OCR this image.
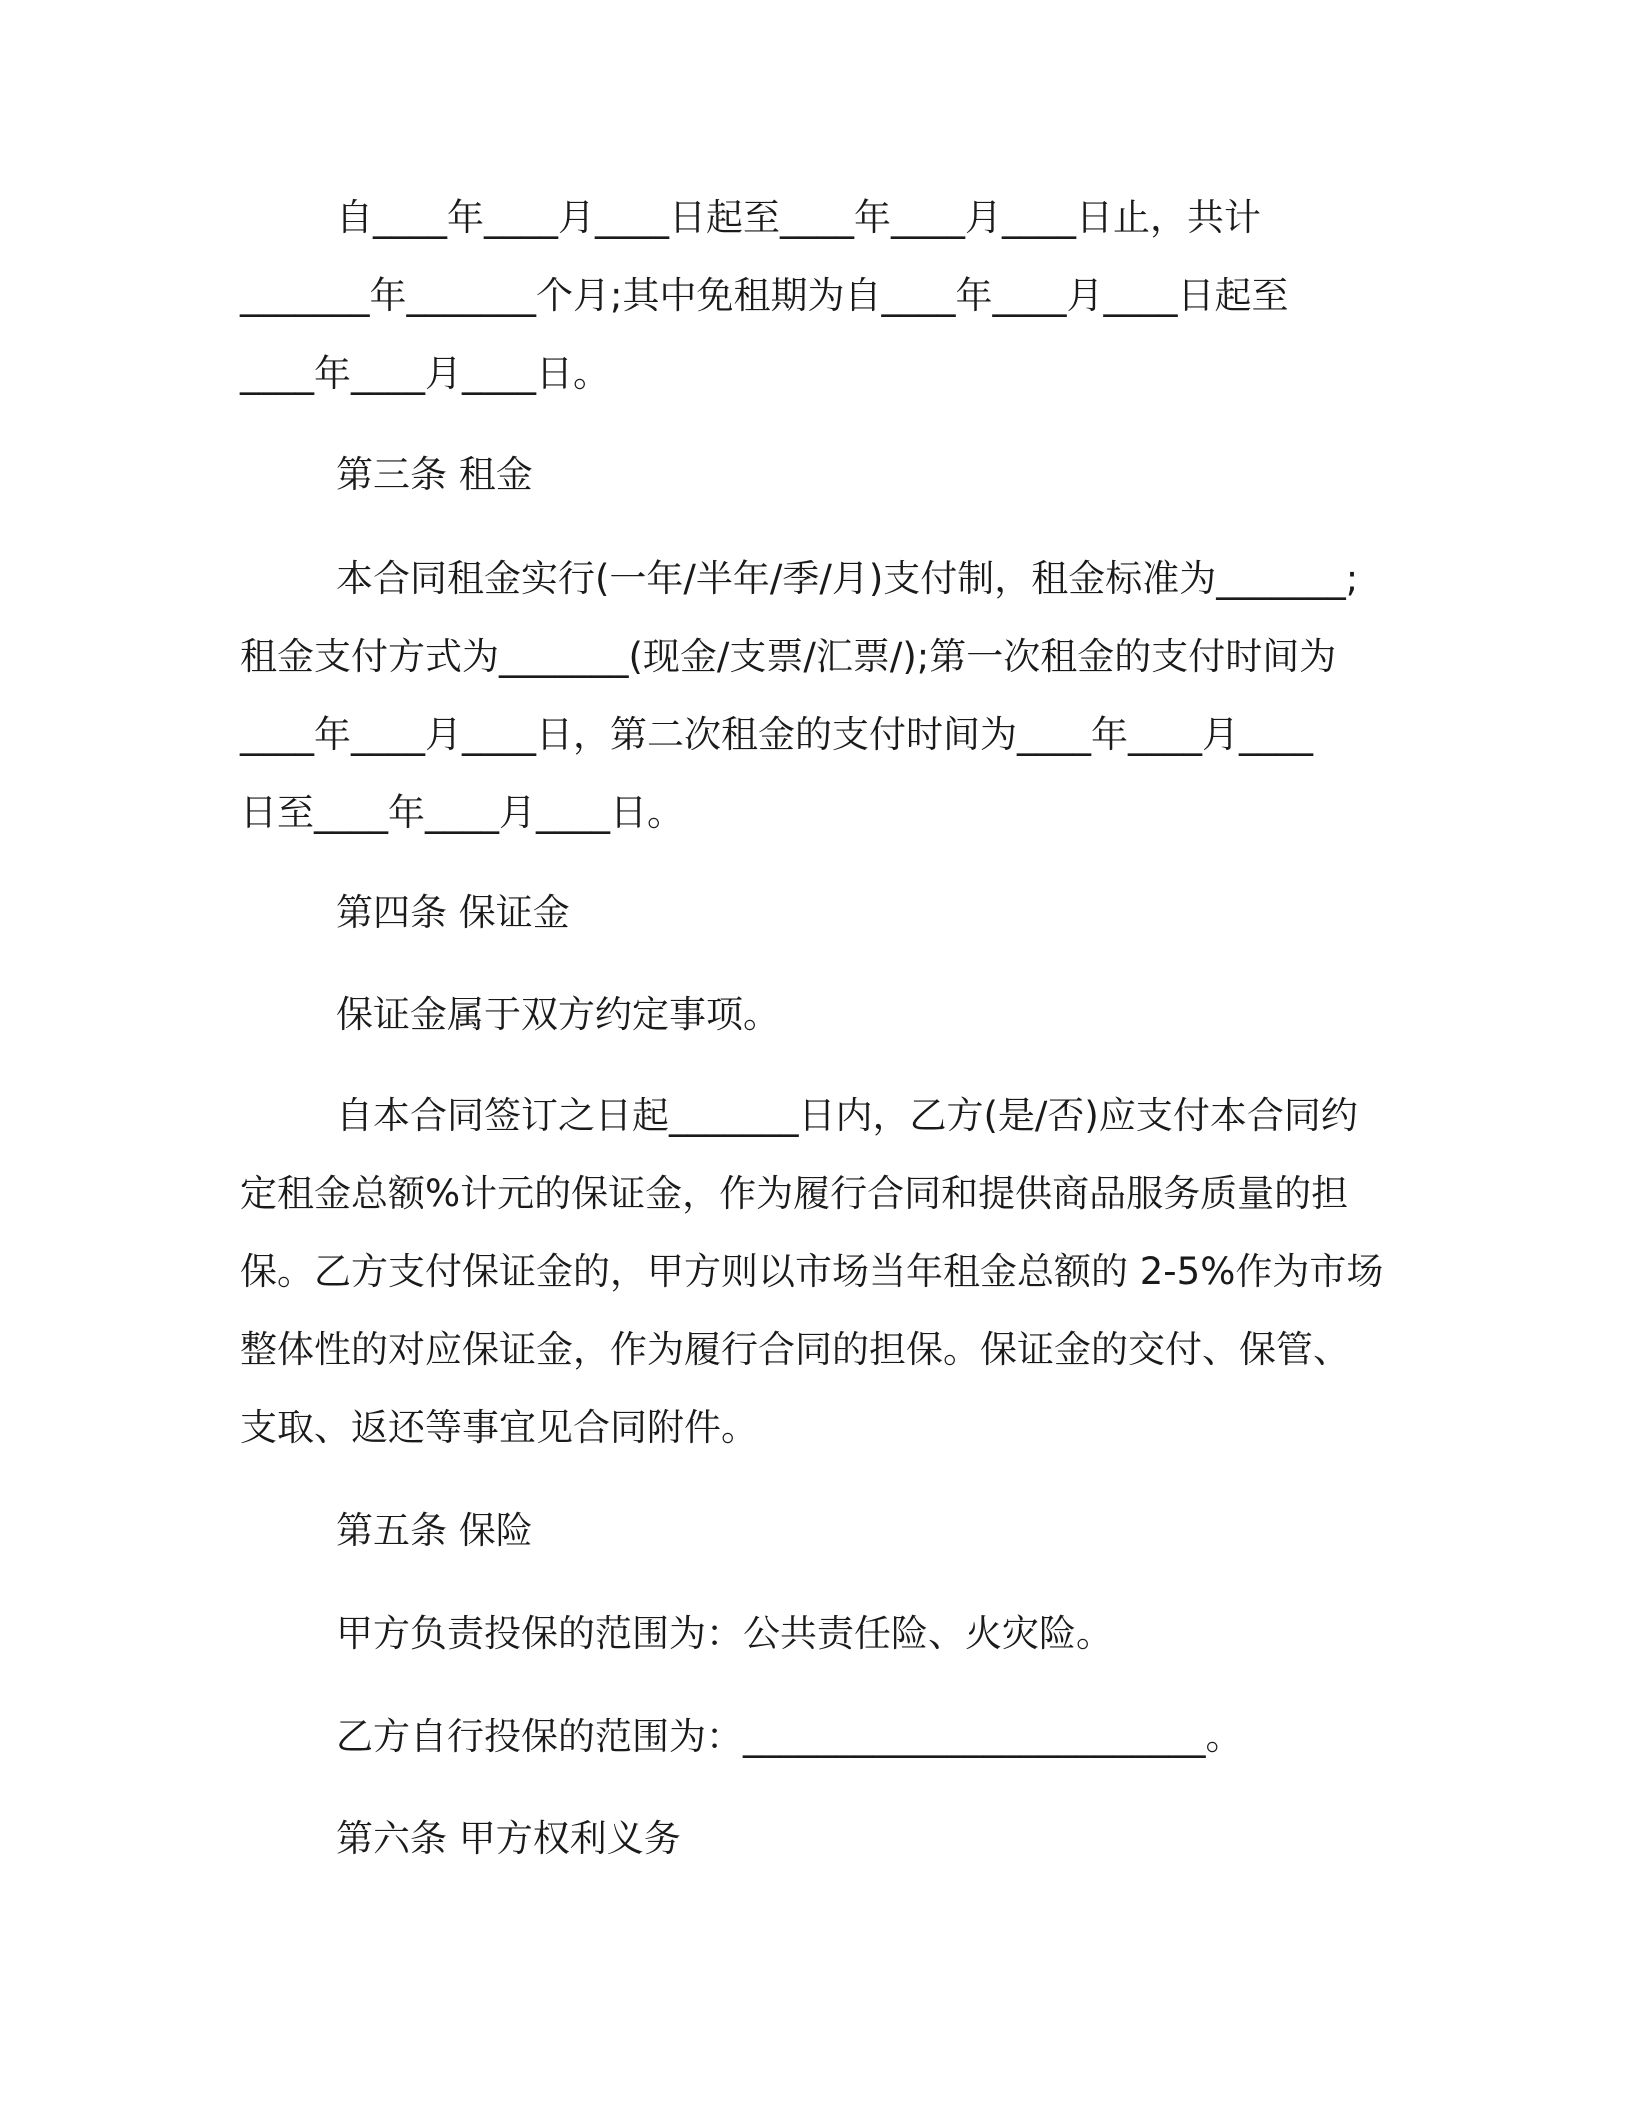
自____年____月____日起至____年____月____日止，共计
_______年_______个月;其中免租期为自____年____月____日起至
____年____月____日。
第三条 租金
本合同租金实行(一年/半年/季/月)支付制，租金标准为_______;
租金支付方式为_______(现金/支票/汇票/);第一次租金的支付时间为
____年____月____日，第二次租金的支付时间为____年____月____
日至____年____月____日。
第四条 保证金
保证金属于双方约定事项。
自本合同签订之日起_______日内，乙方(是/否)应支付本合同约
定租金总额%计元的保证金，作为履行合同和提供商品服务质量的担
保。乙方支付保证金的，甲方则以市场当年租金总额的 2-5%作为市场
整体性的对应保证金，作为履行合同的担保。保证金的交付、保管、
支取、返还等事宜见合同附件。
第五条 保险
甲方负责投保的范围为：公共责任险、火灾险。
乙方自行投保的范围为：_________________________。
第六条 甲方权利义务
